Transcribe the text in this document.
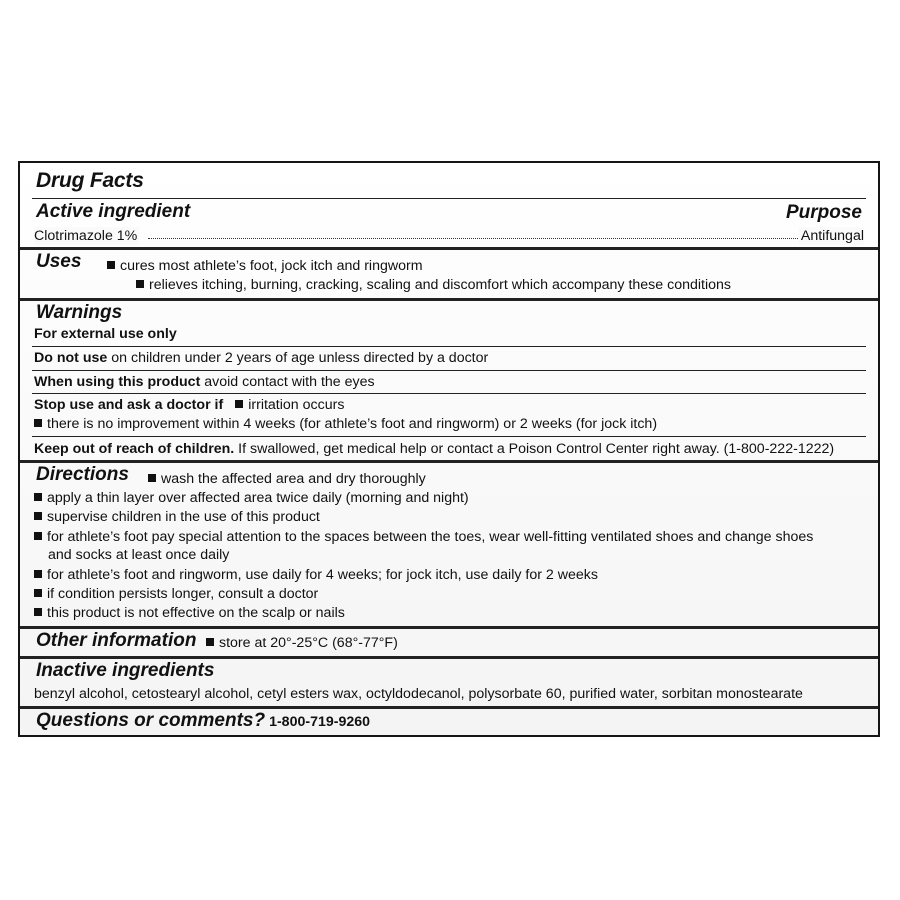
Drug Facts
Active ingredient	Purpose
Clotrimazole 1%	Antifungal
Uses	cures most athlete’s foot, jock itch and ringworm
relieves itching, burning, cracking, scaling and discomfort which accompany these conditions
Warnings
For external use only
Do not use on children under 2 years of age unless directed by a doctor
When using this product avoid contact with the eyes
Stop use and ask a doctor if irritation occurs
there is no improvement within 4 weeks (for athlete’s foot and ringworm) or 2 weeks (for jock itch)
Keep out of reach of children. If swallowed, get medical help or contact a Poison Control Center right away. (1-800-222-1222)
Directions	wash the affected area and dry thoroughly
apply a thin layer over affected area twice daily (morning and night)
supervise children in the use of this product
for athlete’s foot pay special attention to the spaces between the toes, wear well-fitting ventilated shoes and change shoes
and socks at least once daily
for athlete’s foot and ringworm, use daily for 4 weeks; for jock itch, use daily for 2 weeks
if condition persists longer, consult a doctor
this product is not effective on the scalp or nails
Other information	store at 20°-25°C (68°-77°F)
Inactive ingredients
benzyl alcohol, cetostearyl alcohol, cetyl esters wax, octyldodecanol, polysorbate 60, purified water, sorbitan monostearate
Questions or comments? 1-800-719-9260
